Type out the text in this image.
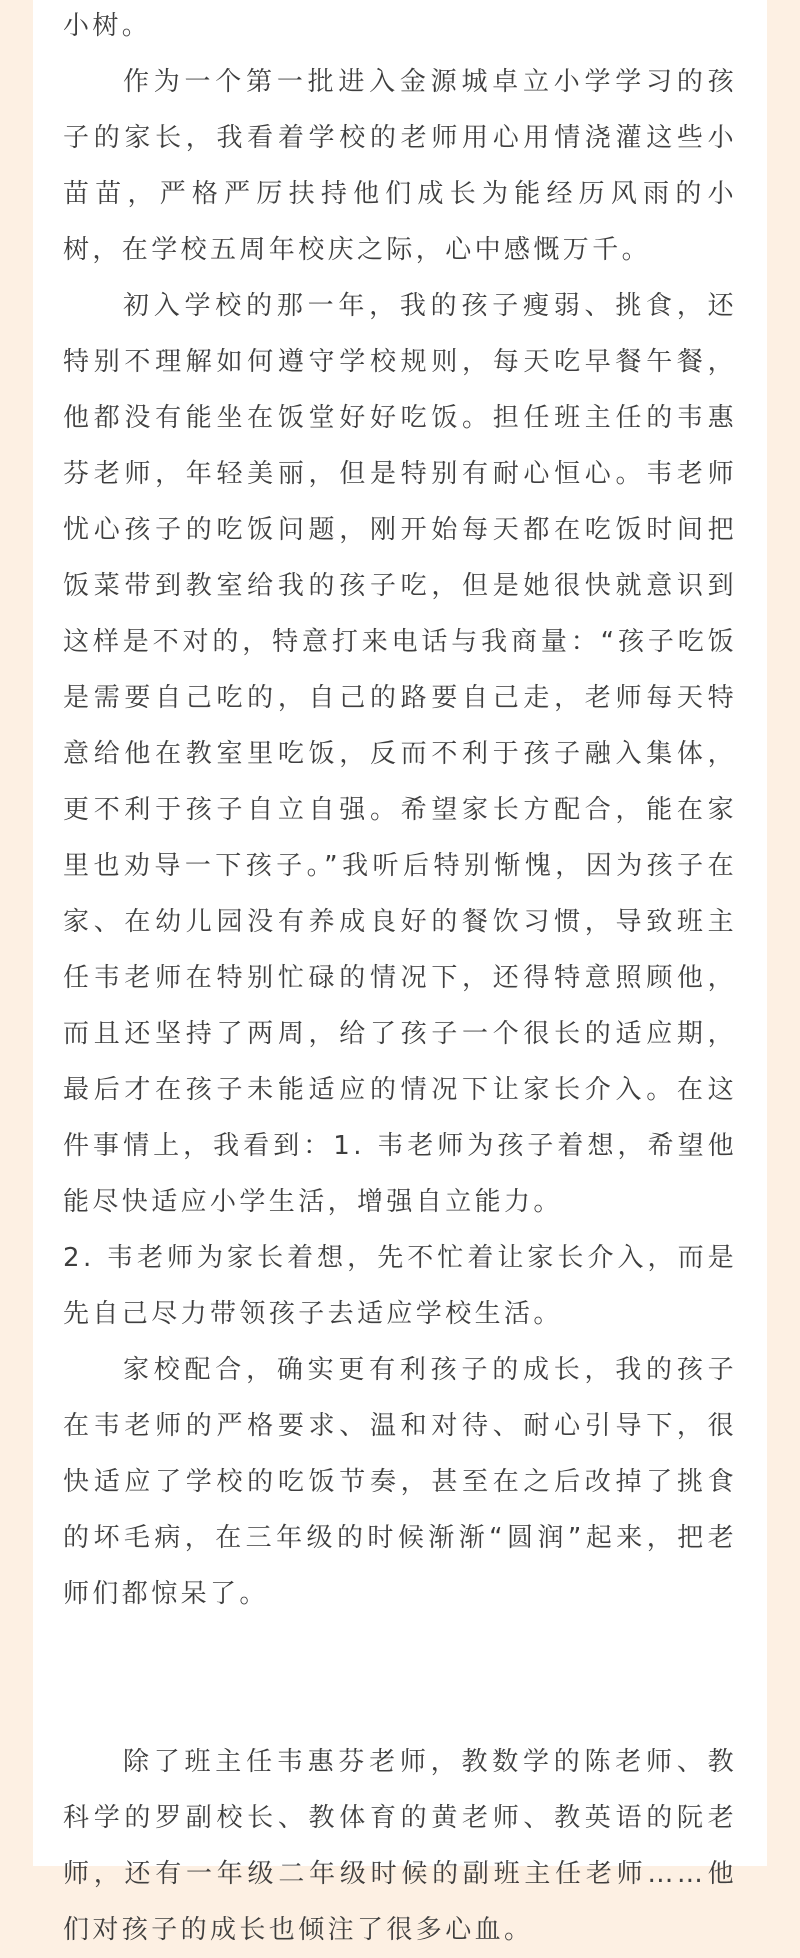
小树。

作为一个第一批进入金源城卓立小学学习的孩子的家长，我看着学校的老师用心用情浇灌这些小苗苗，严格严厉扶持他们成长为能经历风雨的小树，在学校五周年校庆之际，心中感慨万千。

初入学校的那一年，我的孩子瘦弱、挑食，还特别不理解如何遵守学校规则，每天吃早餐午餐，他都没有能坐在饭堂好好吃饭。担任班主任的韦惠芬老师，年轻美丽，但是特别有耐心恒心。韦老师忧心孩子的吃饭问题，刚开始每天都在吃饭时间把饭菜带到教室给我的孩子吃，但是她很快就意识到这样是不对的，特意打来电话与我商量：“孩子吃饭是需要自己吃的，自己的路要自己走，老师每天特意给他在教室里吃饭，反而不利于孩子融入集体，更不利于孩子自立自强。希望家长方配合，能在家里也劝导一下孩子。”我听后特别惭愧，因为孩子在家、在幼儿园没有养成良好的餐饮习惯，导致班主任韦老师在特别忙碌的情况下，还得特意照顾他，而且还坚持了两周，给了孩子一个很长的适应期，最后才在孩子未能适应的情况下让家长介入。在这件事情上，我看到：1. 韦老师为孩子着想，希望他能尽快适应小学生活，增强自立能力。

2. 韦老师为家长着想，先不忙着让家长介入，而是先自己尽力带领孩子去适应学校生活。

家校配合，确实更有利孩子的成长，我的孩子在韦老师的严格要求、温和对待、耐心引导下，很快适应了学校的吃饭节奏，甚至在之后改掉了挑食的坏毛病，在三年级的时候渐渐“圆润”起来，把老师们都惊呆了。

除了班主任韦惠芬老师，教数学的陈老师、教科学的罗副校长、教体育的黄老师、教英语的阮老师，还有一年级二年级时候的副班主任老师……他们对孩子的成长也倾注了很多心血。
